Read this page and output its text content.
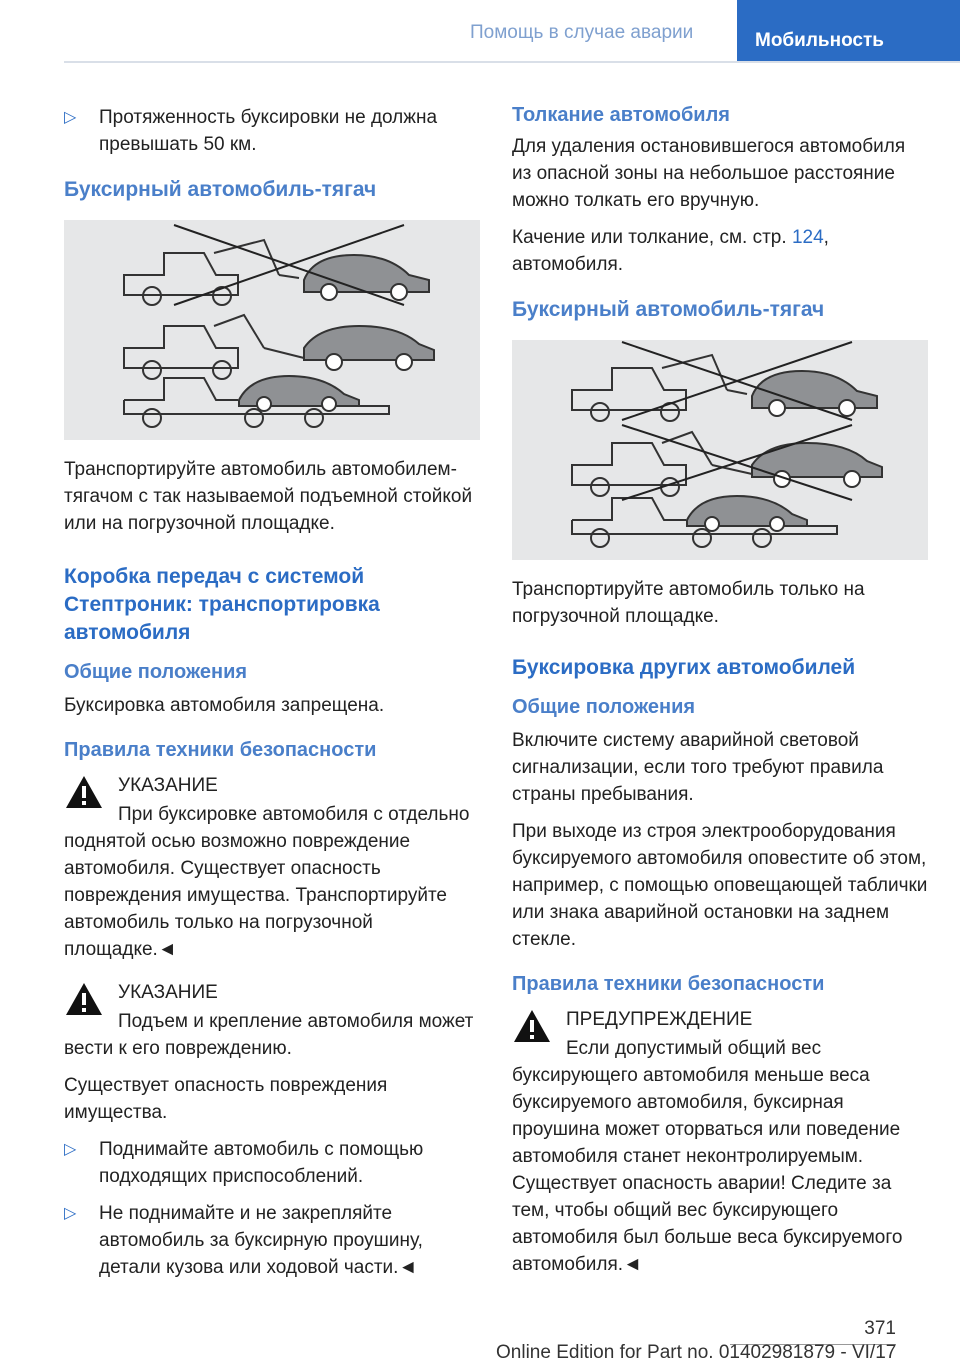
Помощь в случае аварии	Мобильность
▷ Протяженность буксировки не должна превышать 50 км.
Буксирный автомобиль-тягач

Транспортируйте автомобиль автомобилем-тягачом с так называемой подъемной стойкой или на погрузочной площадке.

Коробка передач с системой Стептроник: транспортировка автомобиля
Общие положения

Буксировка автомобиля запрещена.

Правила техники безопасности

УКАЗАНИЕ

При буксировке автомобиля с отдельно поднятой осью возможно повреждение автомобиля. Существует опасность повреждения имущества. Транспортируйте автомобиль только на погрузочной площадке.◄

УКАЗАНИЕ

Подъем и крепление автомобиля может вести к его повреждению.

Существует опасность повреждения имущества.

▷ Поднимайте автомобиль с помощью подходящих приспособлений.
▷ Не поднимайте и не закрепляйте автомобиль за буксирную проушину, детали кузова или ходовой части.◄
Толкание автомобиля

Для удаления остановившегося автомобиля из опасной зоны на небольшое расстояние можно толкать его вручную.

Качение или толкание, см. стр. 124, автомобиля.

Буксирный автомобиль-тягач

Транспортируйте автомобиль только на погрузочной площадке.

Буксировка других автомобилей
Общие положения

Включите систему аварийной световой сигнализации, если того требуют правила страны пребывания.

При выходе из строя электрооборудования буксируемого автомобиля оповестите об этом, например, с помощью оповещающей таблички или знака аварийной остановки на заднем стекле.

Правила техники безопасности

ПРЕДУПРЕЖДЕНИЕ

Если допустимый общий вес буксирующего автомобиля меньше веса буксируемого автомобиля, буксирная проушина может оторваться или поведение автомобиля станет неконтролируемым. Существует опасность аварии! Следите за тем, чтобы общий вес буксирующего автомобиля был больше веса буксируемого автомобиля.◄

371
Online Edition for Part no. 01402981879 - VI/17
